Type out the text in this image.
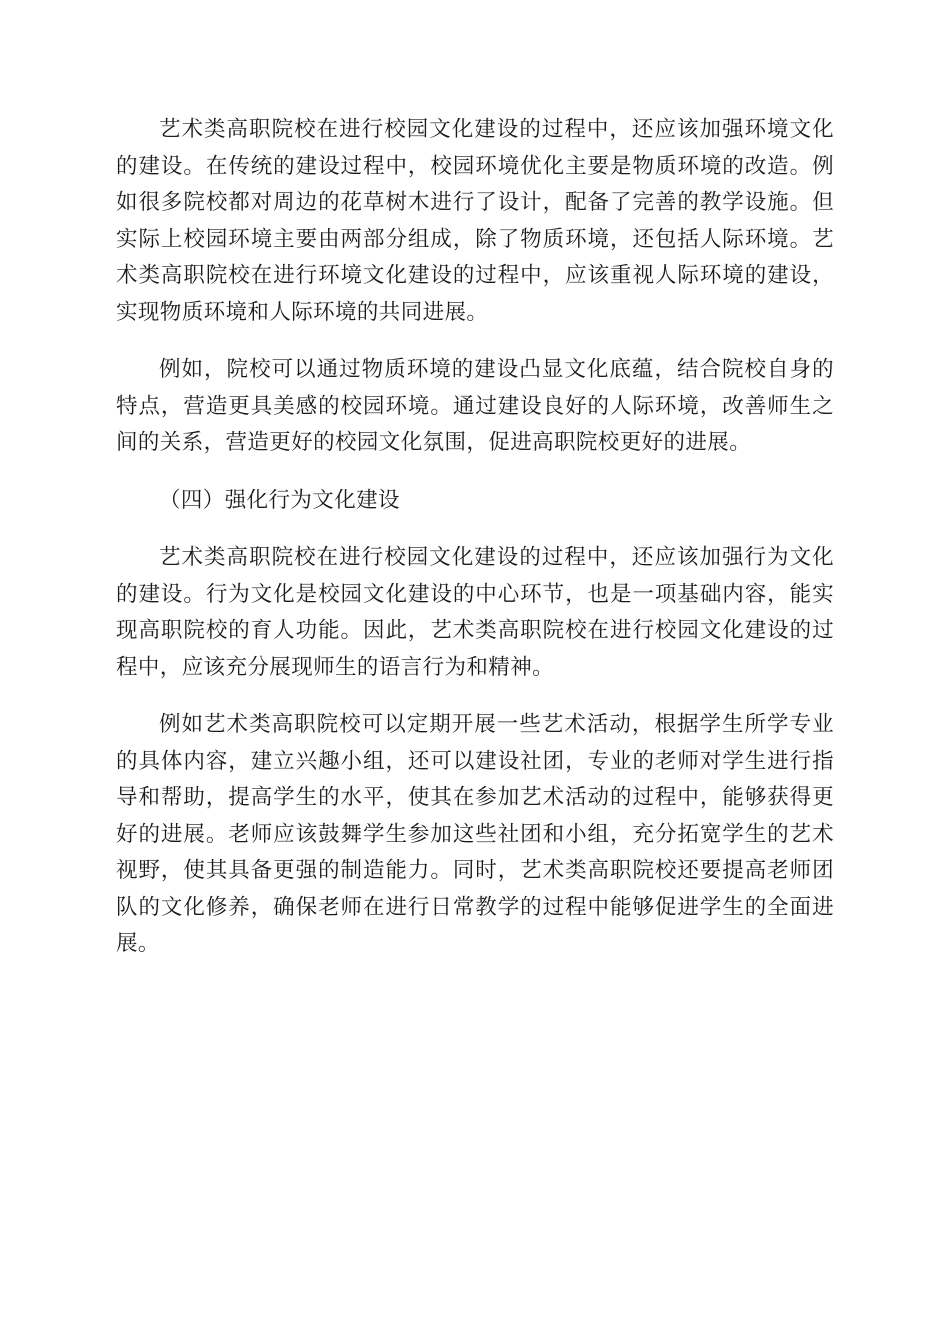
艺术类高职院校在进行校园文化建设的过程中，还应该加强环境文化的建设。在传统的建设过程中，校园环境优化主要是物质环境的改造。例如很多院校都对周边的花草树木进行了设计，配备了完善的教学设施。但实际上校园环境主要由两部分组成，除了物质环境，还包括人际环境。艺术类高职院校在进行环境文化建设的过程中，应该重视人际环境的建设，实现物质环境和人际环境的共同进展。

例如，院校可以通过物质环境的建设凸显文化底蕴，结合院校自身的特点，营造更具美感的校园环境。通过建设良好的人际环境，改善师生之间的关系，营造更好的校园文化氛围，促进高职院校更好的进展。

（四）强化行为文化建设

艺术类高职院校在进行校园文化建设的过程中，还应该加强行为文化的建设。行为文化是校园文化建设的中心环节，也是一项基础内容，能实现高职院校的育人功能。因此，艺术类高职院校在进行校园文化建设的过程中，应该充分展现师生的语言行为和精神。

例如艺术类高职院校可以定期开展一些艺术活动，根据学生所学专业的具体内容，建立兴趣小组，还可以建设社团，专业的老师对学生进行指导和帮助，提高学生的水平，使其在参加艺术活动的过程中，能够获得更好的进展。老师应该鼓舞学生参加这些社团和小组，充分拓宽学生的艺术视野，使其具备更强的制造能力。同时，艺术类高职院校还要提高老师团队的文化修养，确保老师在进行日常教学的过程中能够促进学生的全面进展。
